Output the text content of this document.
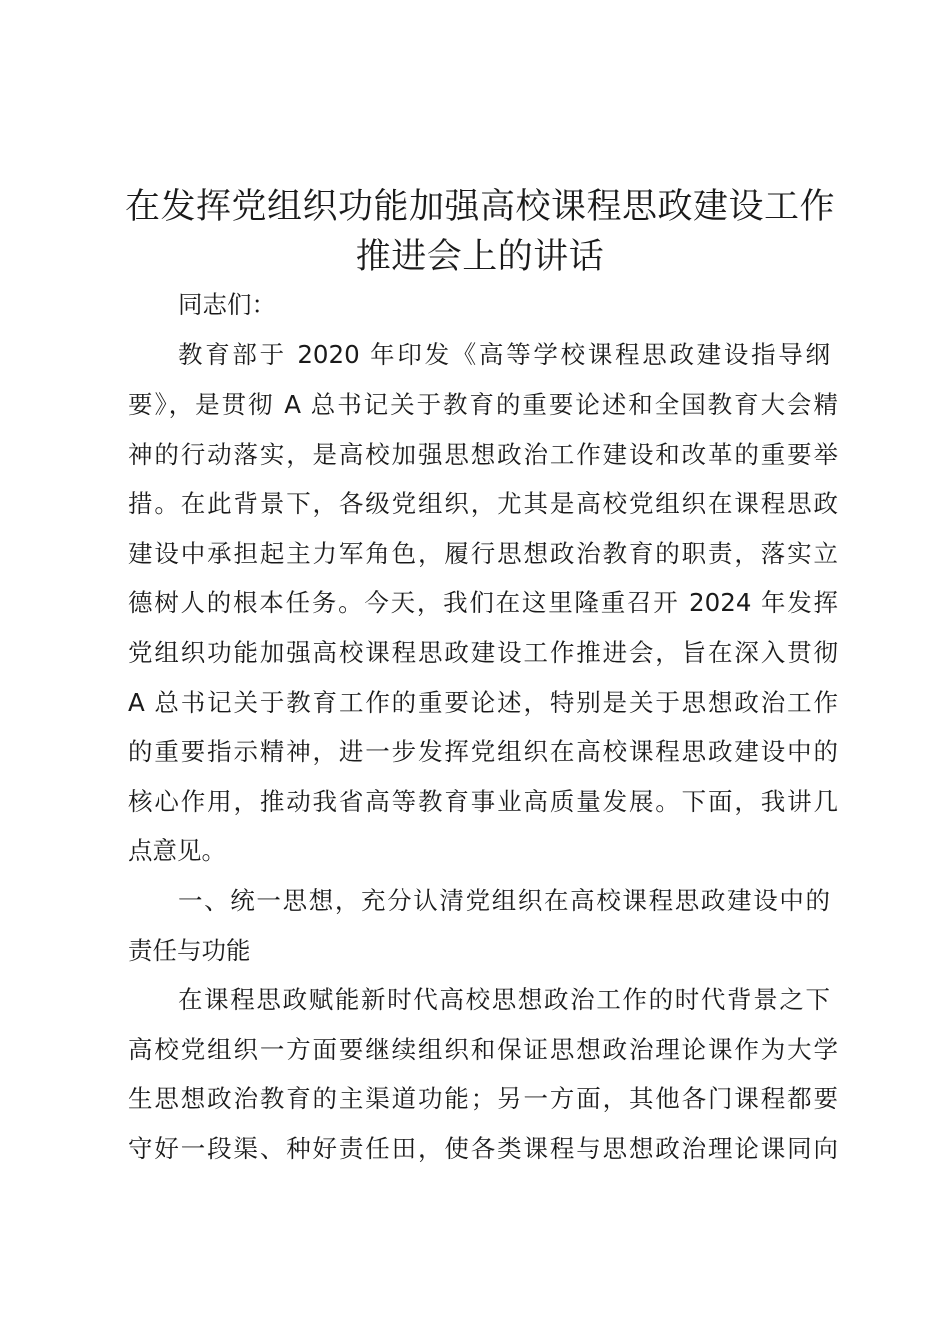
在发挥党组织功能加强高校课程思政建设工作
推进会上的讲话
同志们：
教育部于 2020 年印发《高等学校课程思政建设指导纲
要》，是贯彻 A 总书记关于教育的重要论述和全国教育大会精
神的行动落实，是高校加强思想政治工作建设和改革的重要举
措。在此背景下，各级党组织，尤其是高校党组织在课程思政
建设中承担起主力军角色，履行思想政治教育的职责，落实立
德树人的根本任务。今天，我们在这里隆重召开 2024 年发挥
党组织功能加强高校课程思政建设工作推进会，旨在深入贯彻
A 总书记关于教育工作的重要论述，特别是关于思想政治工作
的重要指示精神，进一步发挥党组织在高校课程思政建设中的
核心作用，推动我省高等教育事业高质量发展。下面，我讲几
点意见。
一、统一思想，充分认清党组织在高校课程思政建设中的
责任与功能
在课程思政赋能新时代高校思想政治工作的时代背景之下
高校党组织一方面要继续组织和保证思想政治理论课作为大学
生思想政治教育的主渠道功能；另一方面，其他各门课程都要
守好一段渠、种好责任田，使各类课程与思想政治理论课同向
